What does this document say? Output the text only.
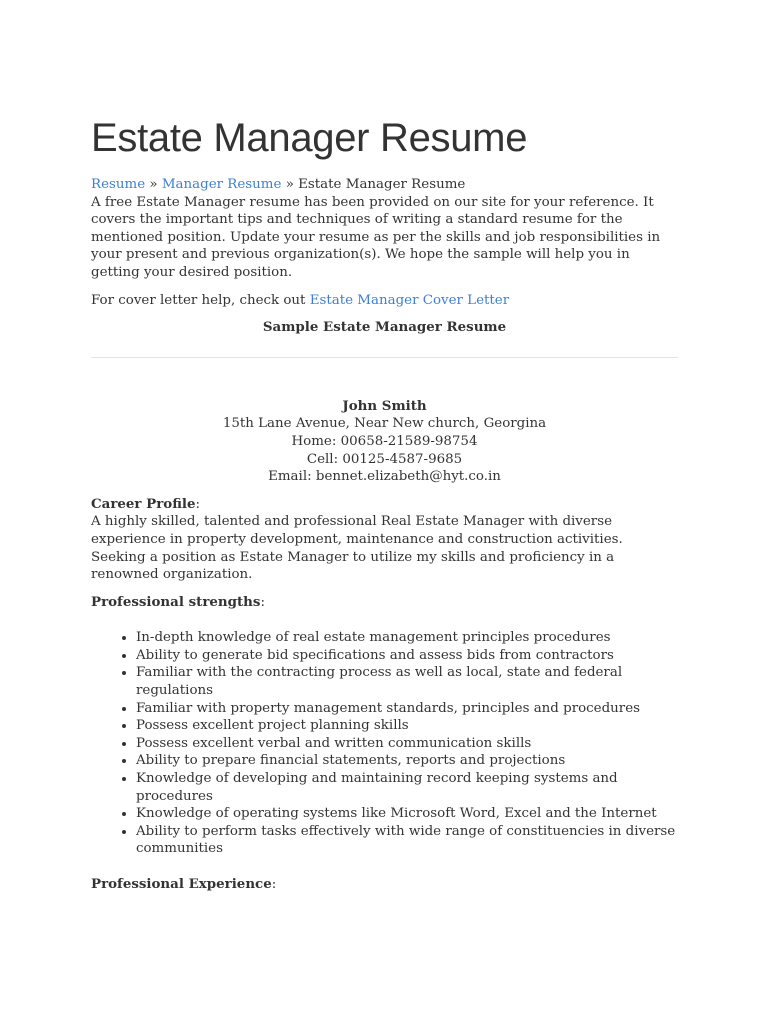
Estate Manager Resume
Resume » Manager Resume » Estate Manager Resume

A free Estate Manager resume has been provided on our site for your reference. It covers the important tips and techniques of writing a standard resume for the mentioned position. Update your resume as per the skills and job responsibilities in your present and previous organization(s). We hope the sample will help you in getting your desired position.

For cover letter help, check out Estate Manager Cover Letter

Sample Estate Manager Resume

John Smith
15th Lane Avenue, Near New church, Georgina
Home: 00658-21589-98754
Cell: 00125-4587-9685
Email: bennet.elizabeth@hyt.co.in

Career Profile:

A highly skilled, talented and professional Real Estate Manager with diverse experience in property development, maintenance and construction activities. Seeking a position as Estate Manager to utilize my skills and proficiency in a renowned organization.

Professional strengths:

• In-depth knowledge of real estate management principles procedures
• Ability to generate bid specifications and assess bids from contractors
• Familiar with the contracting process as well as local, state and federal regulations
• Familiar with property management standards, principles and procedures
• Possess excellent project planning skills
• Possess excellent verbal and written communication skills
• Ability to prepare financial statements, reports and projections
• Knowledge of developing and maintaining record keeping systems and procedures
• Knowledge of operating systems like Microsoft Word, Excel and the Internet
• Ability to perform tasks effectively with wide range of constituencies in diverse communities

Professional Experience:
